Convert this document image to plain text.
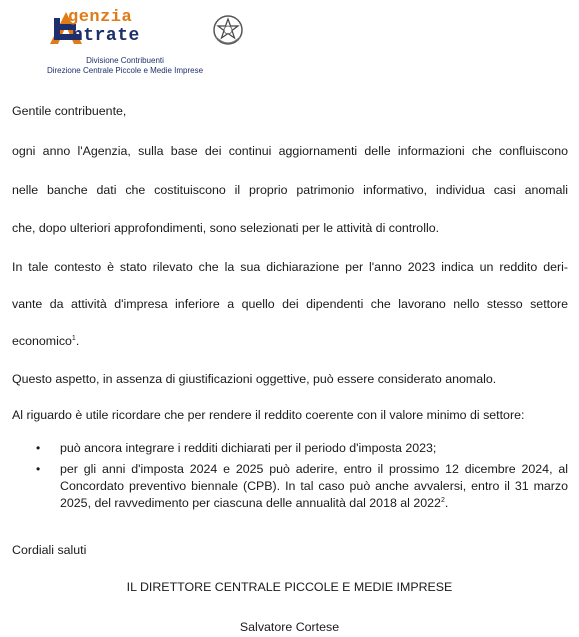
genzia
ntrate
Divisione Contribuenti
Direzione Centrale Piccole e Medie Imprese
Gentile contribuente,
ogni anno l'Agenzia, sulla base dei continui aggiornamenti delle informazioni che confluiscono
nelle banche dati che costituiscono il proprio patrimonio informativo, individua casi anomali
che, dopo ulteriori approfondimenti, sono selezionati per le attività di controllo.
In tale contesto è stato rilevato che la sua dichiarazione per l'anno 2023 indica un reddito deri-
vante da attività d'impresa inferiore a quello dei dipendenti che lavorano nello stesso settore
economico$^1$.
Questo aspetto, in assenza di giustificazioni oggettive, può essere considerato anomalo.
Al riguardo è utile ricordare che per rendere il reddito coerente con il valore minimo di settore:
• può ancora integrare i redditi dichiarati per il periodo d'imposta 2023;
• per gli anni d'imposta 2024 e 2025 può aderire, entro il prossimo 12 dicembre 2024, al
Concordato preventivo biennale (CPB). In tal caso può anche avvalersi, entro il 31 marzo
2025, del ravvedimento per ciascuna delle annualità dal 2018 al 2022$^2$.
Cordiali saluti
IL DIRETTORE CENTRALE PICCOLE E MEDIE IMPRESE
Salvatore Cortese
